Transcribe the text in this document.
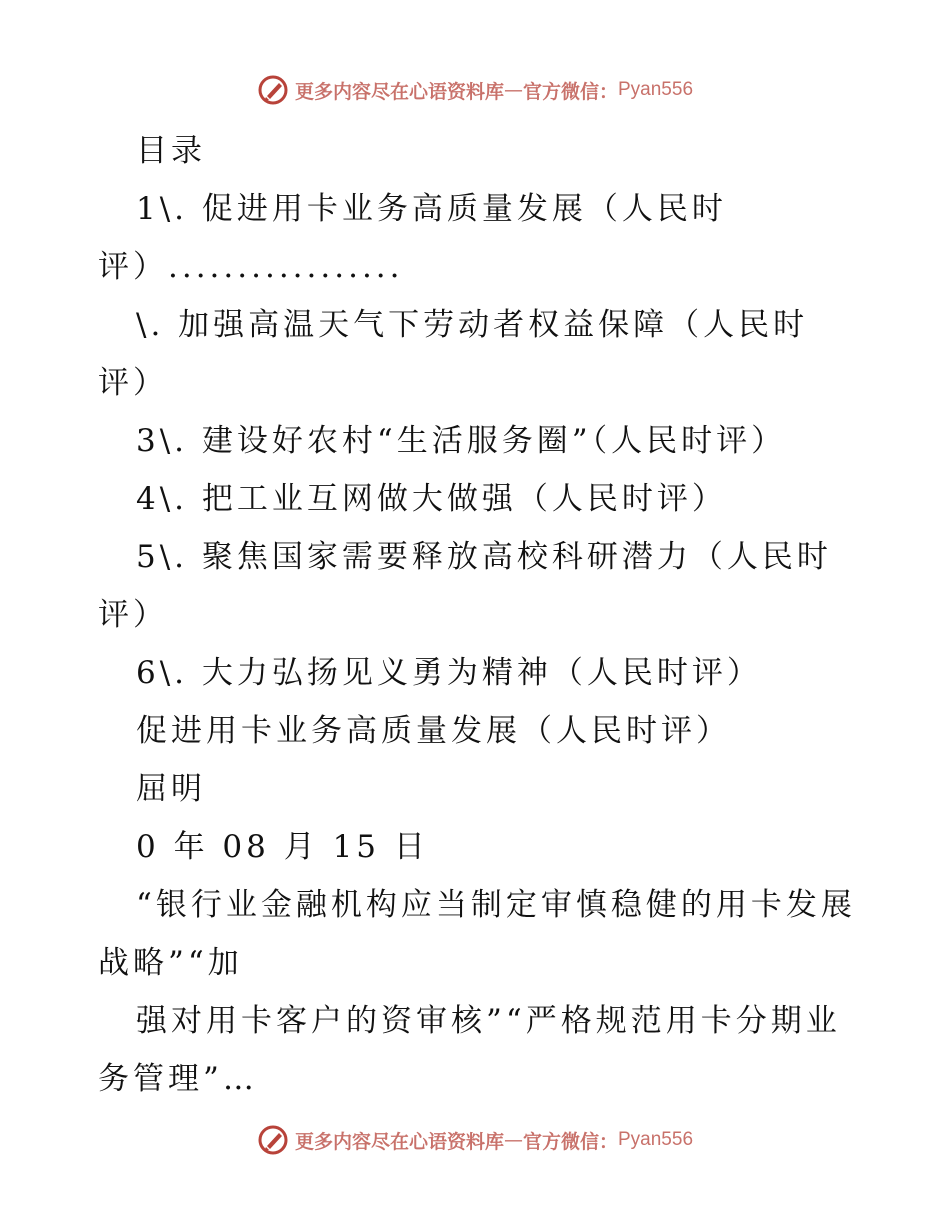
更多内容尽在心语资料库 — 官方微信： Pyan556
目录
1\. 促进用卡业务高质量发展（人民时
评）.................
\. 加强高温天气下劳动者权益保障（人民时
评）
3\. 建设好农村“生活服务圈”（人民时评）
4\. 把工业互网做大做强（人民时评）
5\. 聚焦国家需要释放高校科研潜力（人民时
评）
6\. 大力弘扬见义勇为精神（人民时评）
促进用卡业务高质量发展（人民时评）
屈明
0 年 08 月 15 日
“银行业金融机构应当制定审慎稳健的用卡发展
战略”“加
强对用卡客户的资审核”“严格规范用卡分期业
务管理”…
更多内容尽在心语资料库 — 官方微信： Pyan556
